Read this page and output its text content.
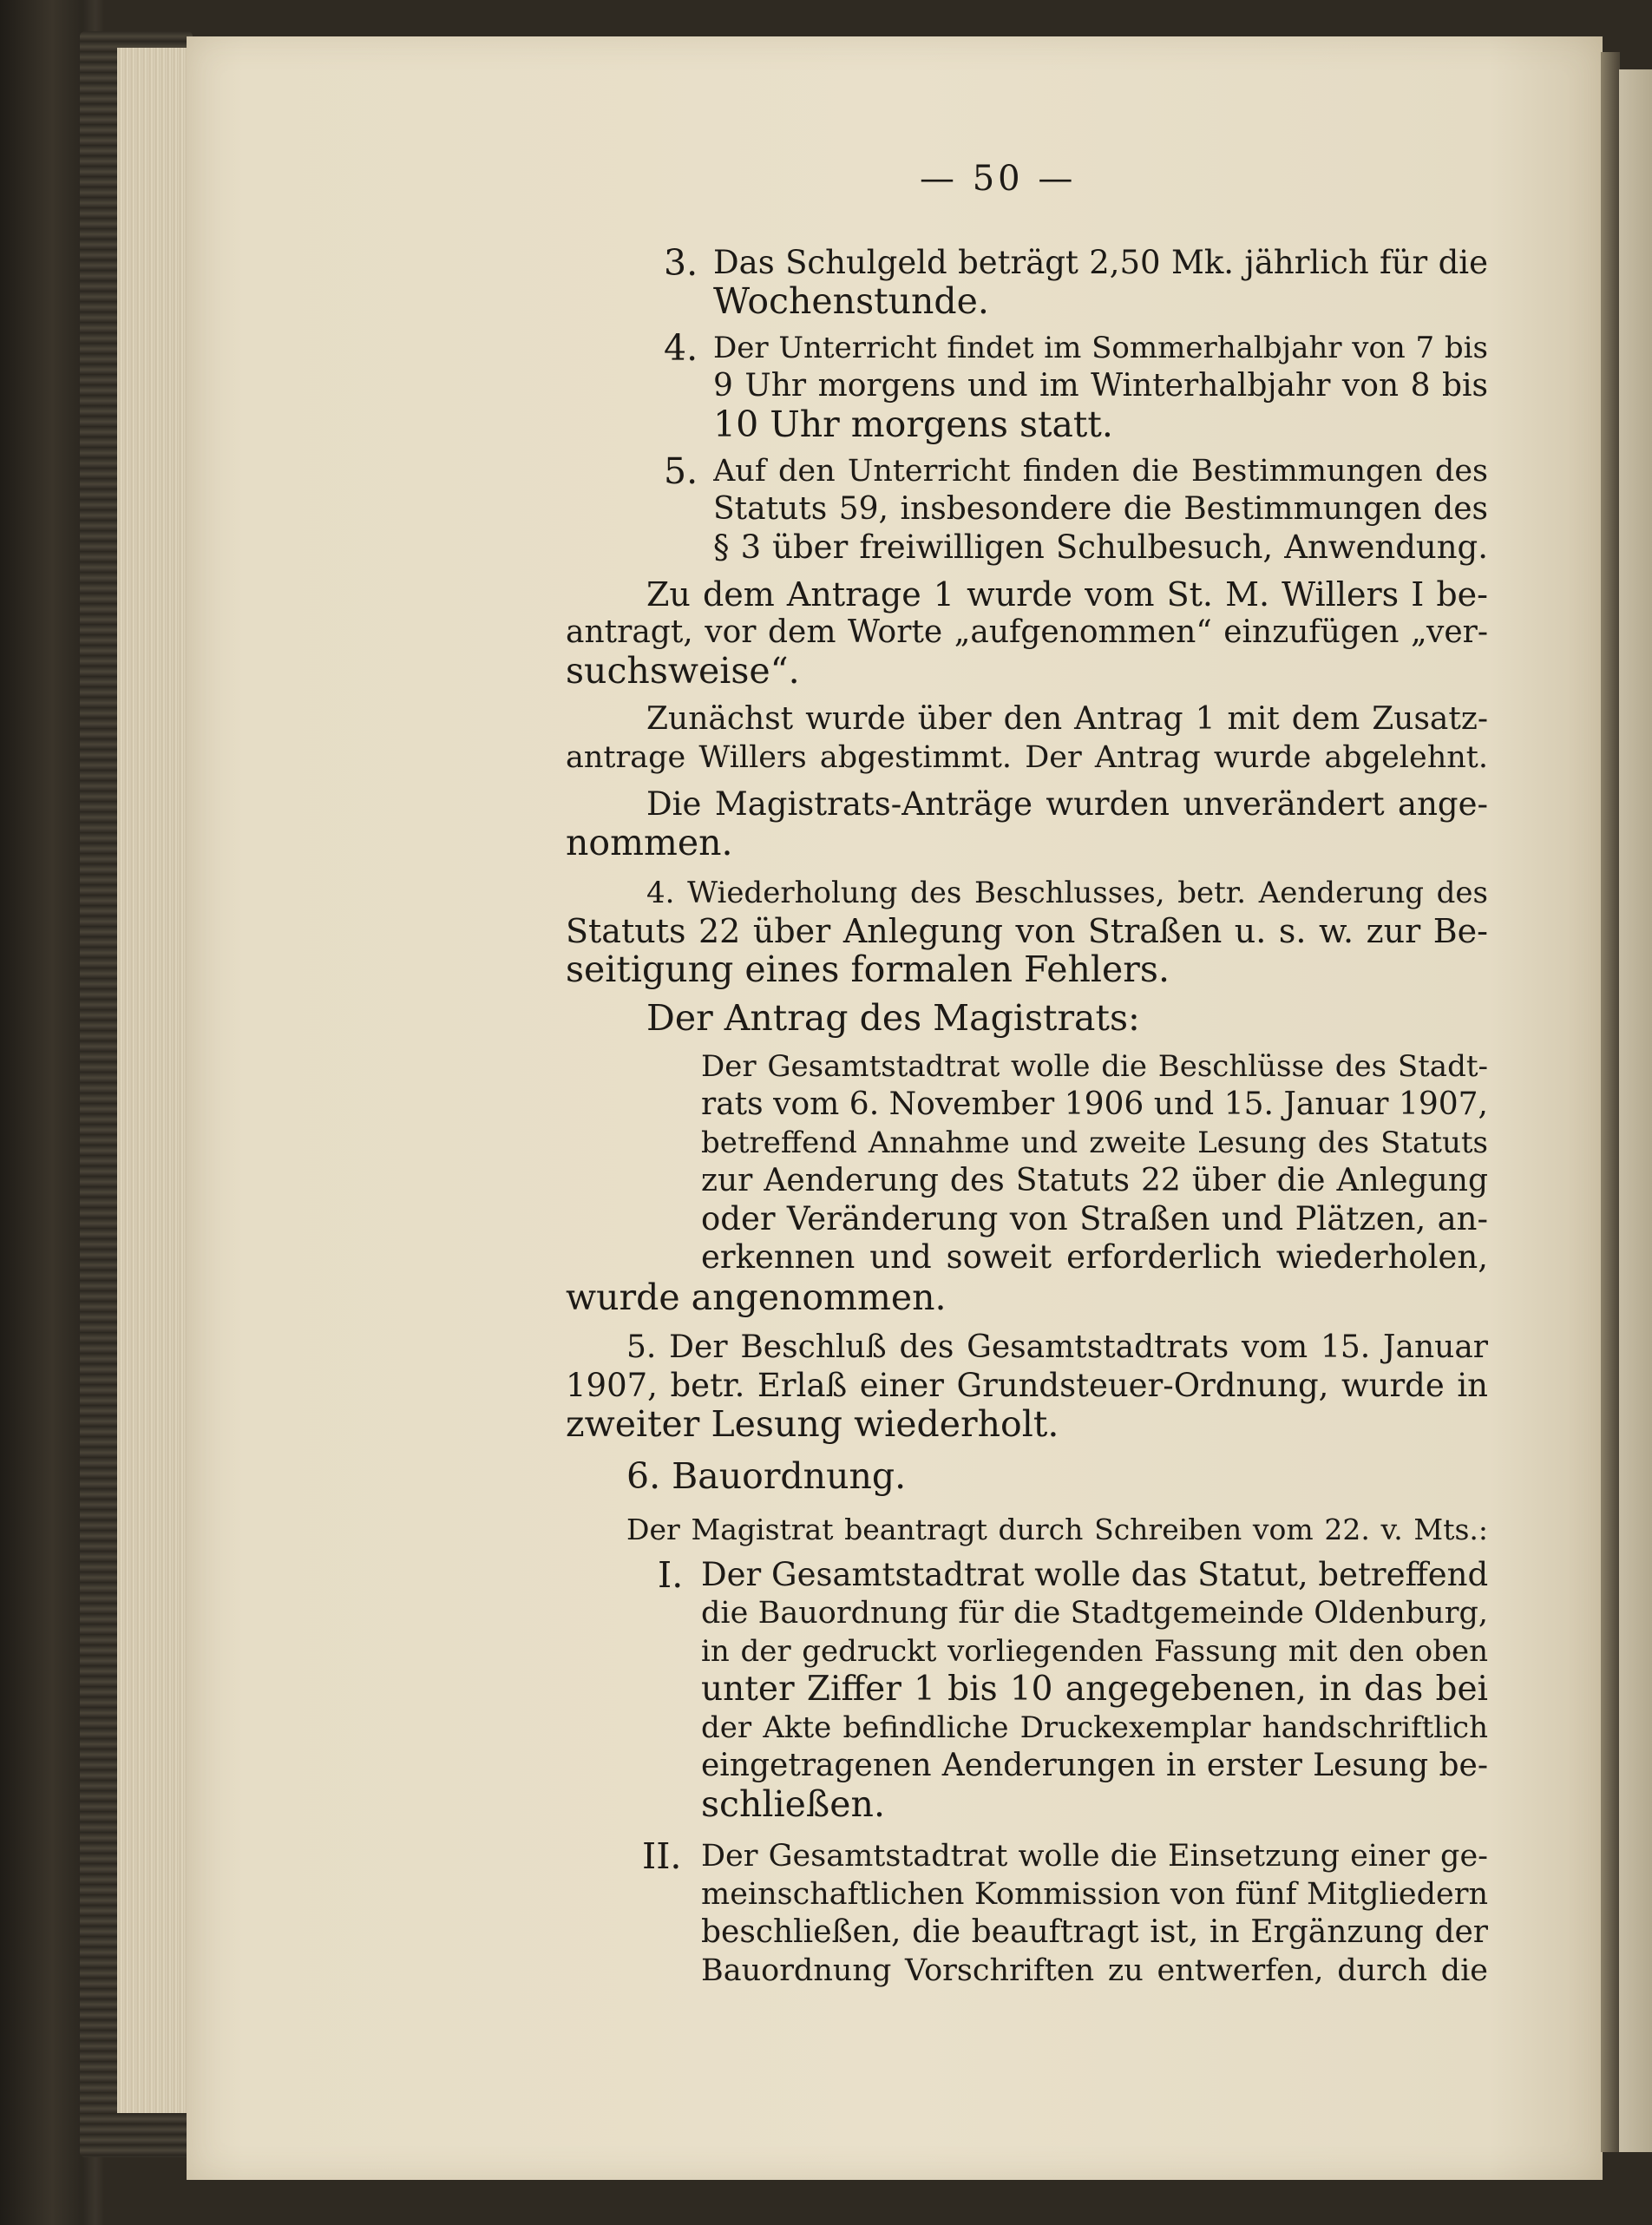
— 50 —
3. Das Schulgeld beträgt 2,50 Mk. jährlich für die
Wochenstunde.
4. Der Unterricht findet im Sommerhalbjahr von 7 bis
9 Uhr morgens und im Winterhalbjahr von 8 bis
10 Uhr morgens statt.
5. Auf den Unterricht finden die Bestimmungen des
Statuts 59, insbesondere die Bestimmungen des
§ 3 über freiwilligen Schulbesuch, Anwendung.
Zu dem Antrage 1 wurde vom St. M. Willers I be-
antragt, vor dem Worte „aufgenommen“ einzufügen „ver-
suchsweise“.
Zunächst wurde über den Antrag 1 mit dem Zusatz-
antrage Willers abgestimmt. Der Antrag wurde abgelehnt.
Die Magistrats-Anträge wurden unverändert ange-
nommen.
4. Wiederholung des Beschlusses, betr. Aenderung des
Statuts 22 über Anlegung von Straßen u. s. w. zur Be-
seitigung eines formalen Fehlers.
Der Antrag des Magistrats:
Der Gesamtstadtrat wolle die Beschlüsse des Stadt-
rats vom 6. November 1906 und 15. Januar 1907,
betreffend Annahme und zweite Lesung des Statuts
zur Aenderung des Statuts 22 über die Anlegung
oder Veränderung von Straßen und Plätzen, an-
erkennen und soweit erforderlich wiederholen,
wurde angenommen.
5. Der Beschluß des Gesamtstadtrats vom 15. Januar
1907, betr. Erlaß einer Grundsteuer-Ordnung, wurde in
zweiter Lesung wiederholt.
6. Bauordnung.
Der Magistrat beantragt durch Schreiben vom 22. v. Mts.:
I. Der Gesamtstadtrat wolle das Statut, betreffend
die Bauordnung für die Stadtgemeinde Oldenburg,
in der gedruckt vorliegenden Fassung mit den oben
unter Ziffer 1 bis 10 angegebenen, in das bei
der Akte befindliche Druckexemplar handschriftlich
eingetragenen Aenderungen in erster Lesung be-
schließen.
II. Der Gesamtstadtrat wolle die Einsetzung einer ge-
meinschaftlichen Kommission von fünf Mitgliedern
beschließen, die beauftragt ist, in Ergänzung der
Bauordnung Vorschriften zu entwerfen, durch die
